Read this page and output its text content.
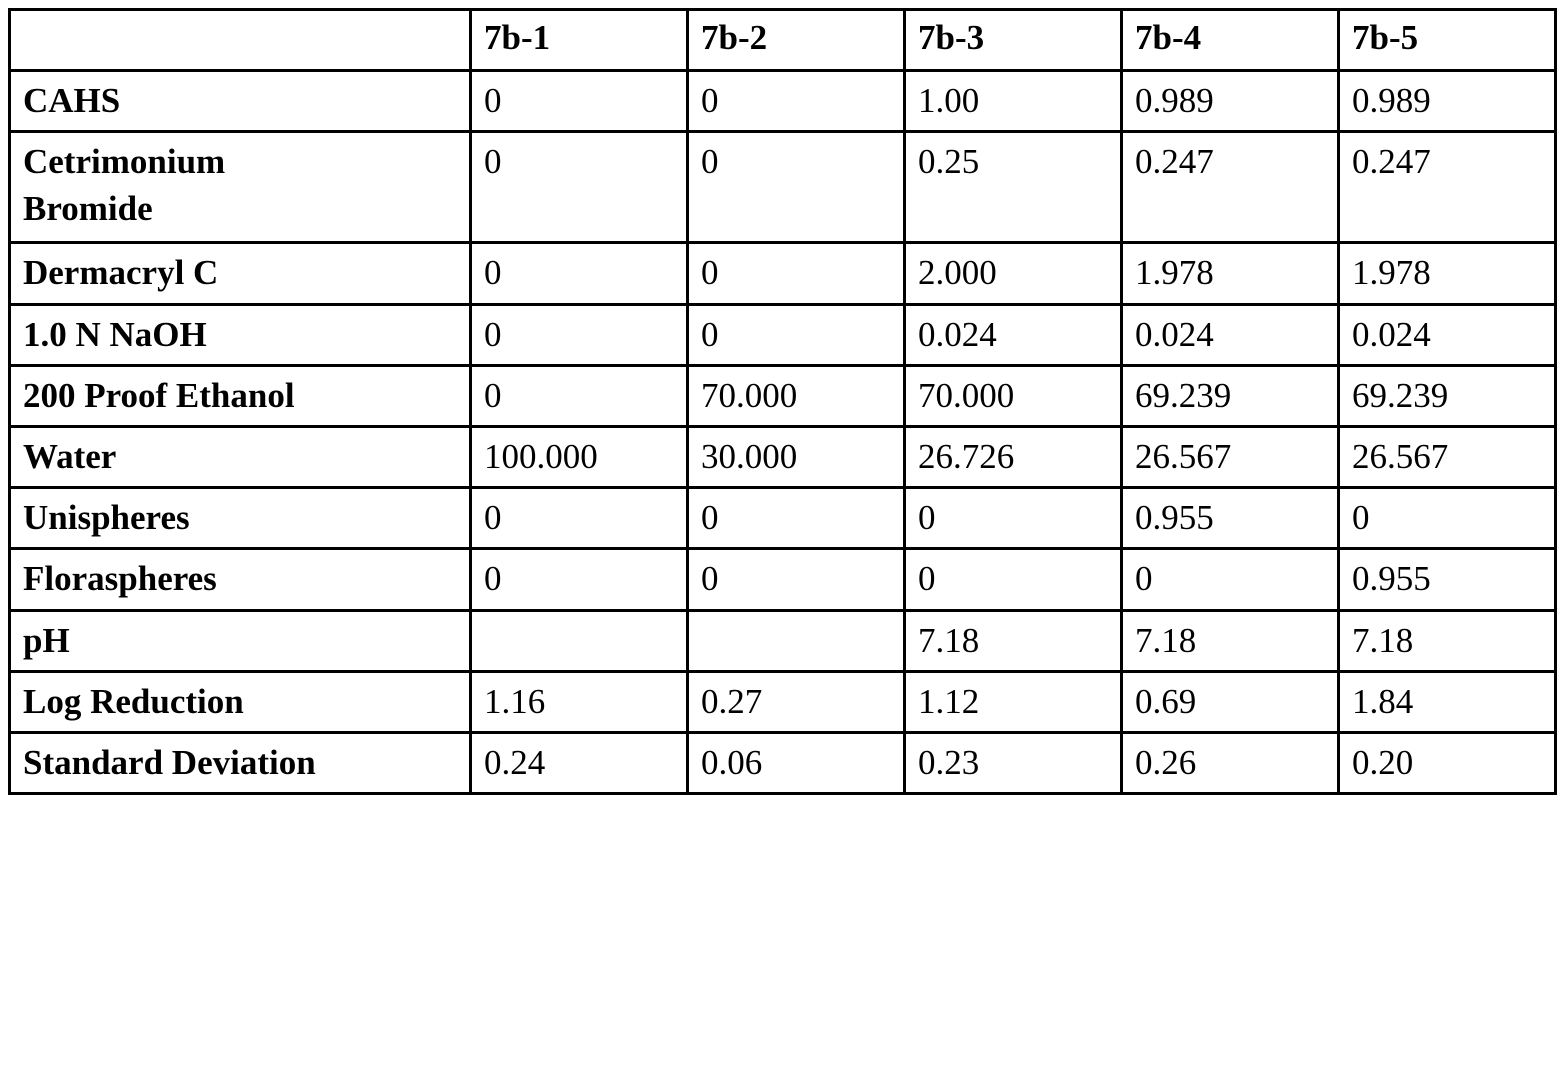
	7b-1	7b-2	7b-3	7b-4	7b-5
CAHS	0	0	1.00	0.989	0.989

Cetrimonium
Bromide	0	0	0.25	0.247	0.247
Dermacryl C	0	0	2.000	1.978	1.978
1.0 N NaOH	0	0	0.024	0.024	0.024
200 Proof Ethanol	0	70.000	70.000	69.239	69.239
Water	100.000	30.000	26.726	26.567	26.567
Unispheres	0	0	0	0.955	0
Floraspheres	0	0	0	0	0.955
pH			7.18	7.18	7.18
Log Reduction	1.16	0.27	1.12	0.69	1.84
Standard Deviation	0.24	0.06	0.23	0.26	0.20
